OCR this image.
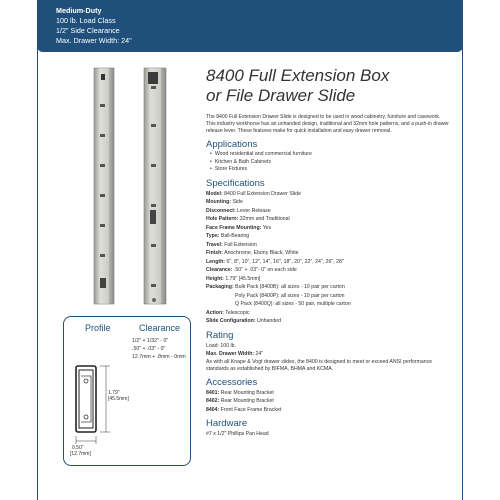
Medium-Duty
100 lb. Load Class
1/2" Side Clearance
Max. Drawer Width: 24"
Profile	Clearance
1/2" + 1/32" - 0"
.50" + .03" - 0"
12.7mm + .8mm - 0mm
1.79"
[45.5mm]
0.50"
[12.7mm]
8400 Full Extension Box
or File Drawer Slide
The 8400 Full Extension Drawer Slide is designed to be used in wood cabinetry, furniture and casework. This industry workhorse has an unhanded design, traditional and 32mm hole patterns, and a push-in drawer release lever. These features make for quick installation and easy drawer removal.
Applications
• Wood residential and commercial furniture
• Kitchen & Bath Cabinets
• Store Fixtures
Specifications
Model: 8400 Full Extension Drawer Slide
Mounting: Side
Disconnect: Lever Release
Hole Pattern: 32mm and Traditional
Face Frame Mounting: Yes
Type: Ball-Bearing
Travel: Full Extension
Finish: Anochrome, Ebony Black, White
Length: 6", 8", 10", 12", 14", 16", 18", 20", 22", 24", 26", 28"
Clearance: .50" + .03"- 0" on each side
Height: 1.79" [45.5mm]
Packaging: Bulk Pack (8400B): all sizes - 10 pair per carton
Poly Pack (8400P): all sizes - 10 pair per carton
Q Pack (8400Q): all sizes - 50 pair, multiple carton
Action: Telescopic
Slide Configuration: Unhanded
Rating
Load: 100 lb.
Max. Drawer Width: 24"
As with all Knape & Vogt drawer slides, the 8400 is designed to meet or exceed ANSI performance standards as established by BIFMA, BHMA and KCMA.
Accessories
8401: Rear Mounting Bracket
8402: Rear Mounting Bracket
8404: Front Face Frame Bracket
Hardware
#7 x 1/2" Phillips Pan Head
